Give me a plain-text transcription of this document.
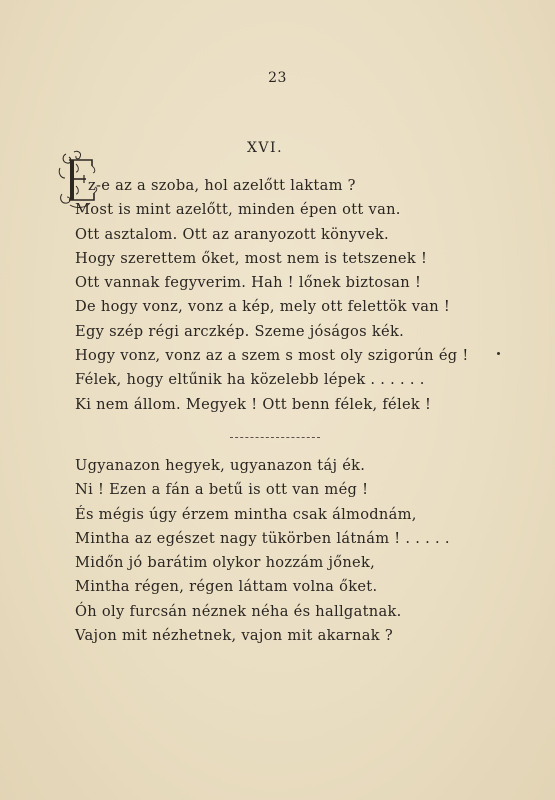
23
XVI.
z-e az a szoba, hol azelőtt laktam ?
Most is mint azelőtt, minden épen ott van.
Ott asztalom. Ott az aranyozott könyvek.
Hogy szerettem őket, most nem is tetszenek !
Ott vannak fegyverim. Hah ! lőnek biztosan !
De hogy vonz, vonz a kép, mely ott felettök van !
Egy szép régi arczkép. Szeme jóságos kék.
Hogy vonz, vonz az a szem s most oly szigorún ég !
Félek, hogy eltűnik ha közelebb lépek . . . . . .
Ki nem állom. Megyek ! Ott benn félek, félek !
Ugyanazon hegyek, ugyanazon táj ék.
Ni ! Ezen a fán a betű is ott van még !
És mégis úgy érzem mintha csak álmodnám,
Mintha az egészet nagy tükörben látnám ! . . . . .
Midőn jó barátim olykor hozzám jőnek,
Mintha régen, régen láttam volna őket.
Óh oly furcsán néznek néha és hallgatnak.
Vajon mit nézhetnek, vajon mit akarnak ?
